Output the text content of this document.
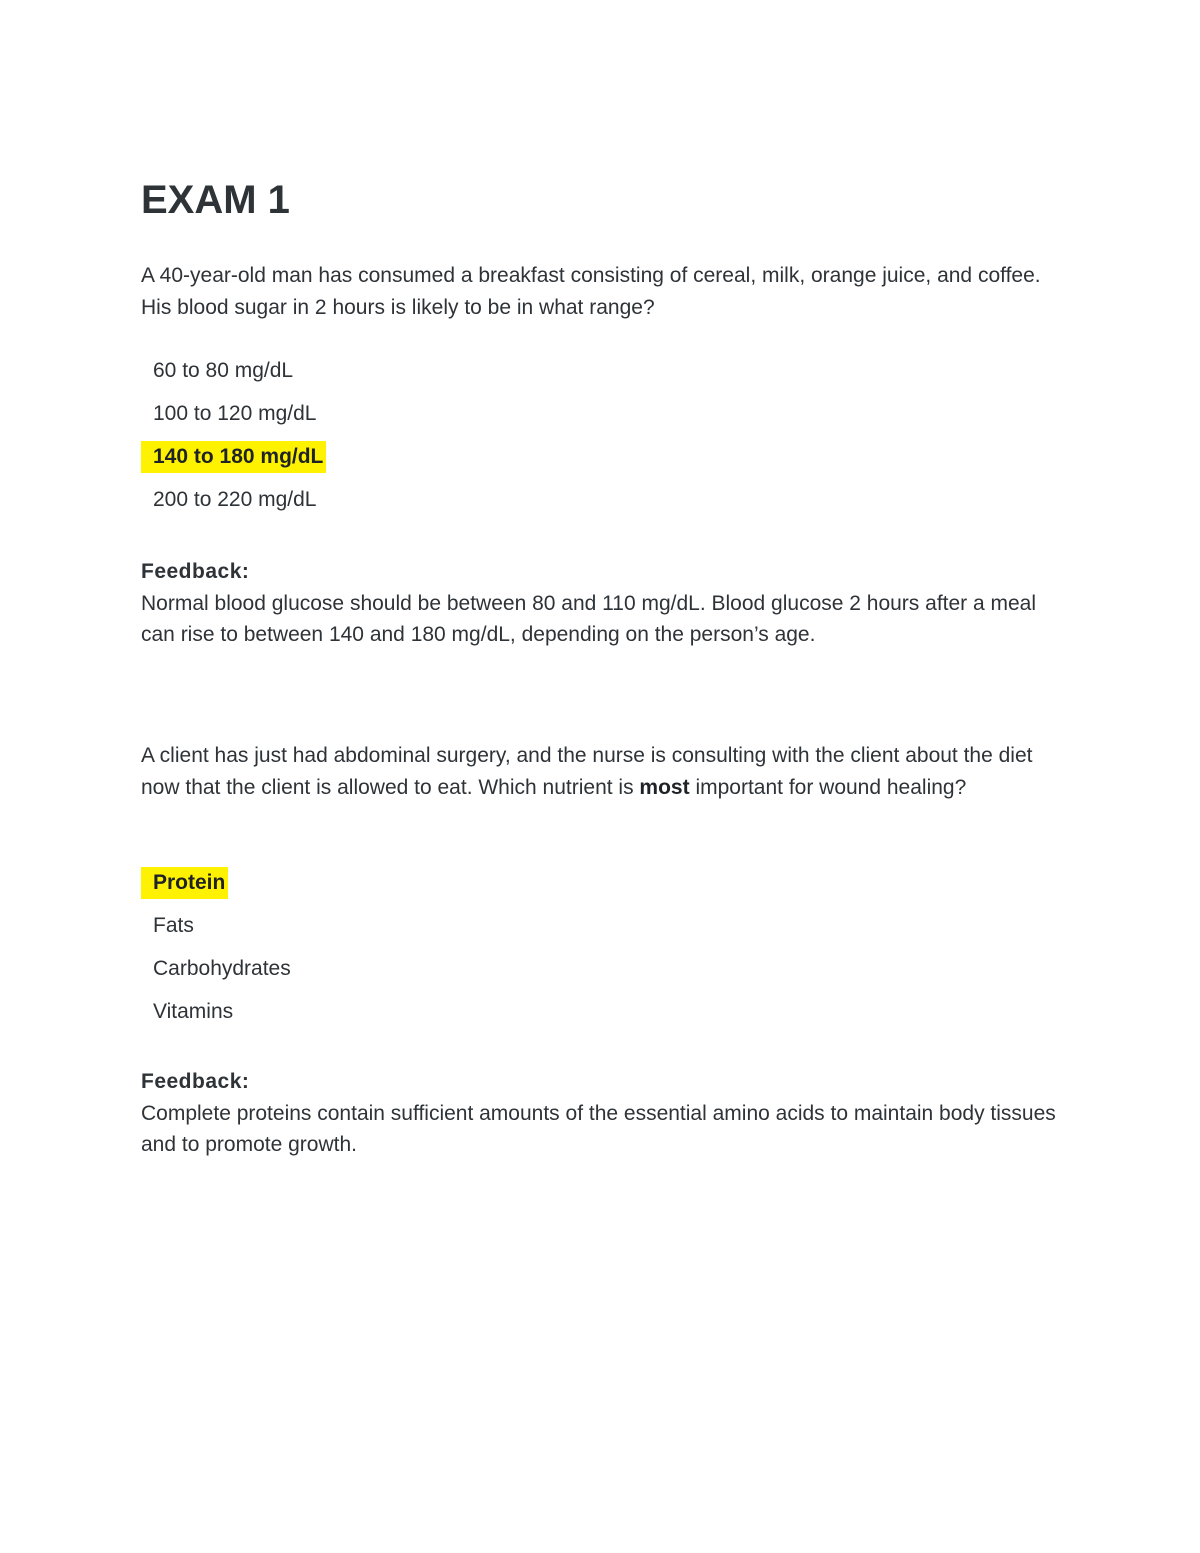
EXAM 1

A 40-year-old man has consumed a breakfast consisting of cereal, milk, orange juice, and coffee. His blood sugar in 2 hours is likely to be in what range?

60 to 80 mg/dL
100 to 120 mg/dL
140 to 180 mg/dL
200 to 220 mg/dL

Feedback:

Normal blood glucose should be between 80 and 110 mg/dL. Blood glucose 2 hours after a meal can rise to between 140 and 180 mg/dL, depending on the person’s age.

A client has just had abdominal surgery, and the nurse is consulting with the client about the diet now that the client is allowed to eat. Which nutrient is most important for wound healing?

Protein
Fats
Carbohydrates
Vitamins

Feedback:

Complete proteins contain sufficient amounts of the essential amino acids to maintain body tissues and to promote growth.
